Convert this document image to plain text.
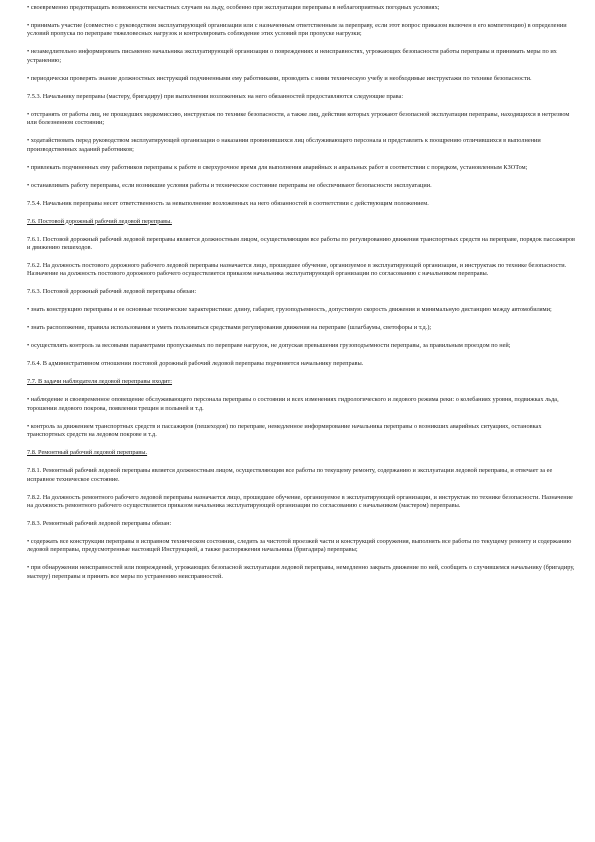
• своевременно предотвращать возможности несчастных случаев на льду, особенно при эксплуатации переправы в неблагоприятных погодных условиях;

• принимать участие (совместно с руководством эксплуатирующей организации или с назначенным ответственным за переправу, если этот вопрос приказом включен в его компетенцию) в определении условий пропуска по переправе тяжеловесных нагрузок и контролировать соблюдение этих условий при пропуске нагрузки;

• незамедлительно информировать письменно начальника эксплуатирующей организации о повреждениях и неисправностях, угрожающих безопасности работы переправы и принимать меры по их устранению;

• периодически проверять знание должностных инструкций подчиненными ему работниками, проводить с ними техническую учебу и необходимые инструктажи по технике безопасности.

7.5.3. Начальнику переправы (мастеру, бригадиру) при выполнении возложенных на него обязанностей предоставляются следующие права:

• отстранять от работы лиц, не прошедших медкомиссию, инструктаж по технике безопасности, а также лиц, действия которых угрожают безопасной эксплуатации переправы, находящихся в нетрезвом или болезненном состоянии;

• ходатайствовать перед руководством эксплуатирующей организации о наказании провинившихся лиц обслуживающего персонала и представлять к поощрению отличившихся в выполнении производственных заданий работников;

• привлекать подчиненных ему работников переправы к работе в сверхурочное время для выполнения аварийных и авральных работ в соответствии с порядком, установленным КЗОТом;

• останавливать работу переправы, если возникшие условия работы и техническое состояние переправы не обеспечивают безопасности эксплуатации.

7.5.4. Начальник переправы несет ответственность за невыполнение возложенных на него обязанностей в соответствии с действующим положением.

7.6. Постовой дорожный рабочий ледовой переправы.

7.6.1. Постовой дорожный рабочий ледовой переправы является должностным лицом, осуществляющим все работы по регулированию движения транспортных средств на переправе, порядок пассажиров и движению пешеходов.

7.6.2. На должность постового дорожного рабочего ледовой переправы назначается лицо, прошедшее обучение, организуемое в эксплуатирующей организации, и инструктаж по технике безопасности. Назначение на должность постового дорожного рабочего осуществляется приказом начальника эксплуатирующей организации по согласованию с начальником переправы.

7.6.3. Постовой дорожный рабочий ледовой переправы обязан:

• знать конструкцию переправы и ее основные технические характеристики: длину, габарит, грузоподъемность, допустимую скорость движения и минимальную дистанцию между автомобилями;

• знать расположение, правила использования и уметь пользоваться средствами регулирования движения на переправе (шлагбаумы, светофоры и т.д.);

• осуществлять контроль за весовыми параметрами пропускаемых по переправе нагрузок, не допуская превышения грузоподъемности переправы, за правильным проездом по ней;

7.6.4. В административном отношении постовой дорожный рабочий ледовой переправы подчиняется начальнику переправы.

7.7. В задачи наблюдателя ледовой переправы входит:

• наблюдение и своевременное оповещение обслуживающего персонала переправы о состоянии и всех изменениях гидрологического и ледового режима реки: о колебаниях уровня, подвижках льда, торошении ледового покрова, появлении трещин и полыней и т.д.

• контроль за движением транспортных средств и пассажиров (пешеходов) по переправе, немедленное информирование начальника переправы о возникших аварийных ситуациях, остановках транспортных средств на ледовом покрове и т.д.

7.8. Ремонтный рабочий ледовой переправы.

7.8.1. Ремонтный рабочий ледовой переправы является должностным лицом, осуществляющим все работы по текущему ремонту, содержанию и эксплуатации ледовой переправы, и отвечает за ее исправное техническое состояние.

7.8.2. На должность ремонтного рабочего ледовой переправы назначается лицо, прошедшее обучение, организуемое в эксплуатирующей организации, и инструктаж по технике безопасности. Назначение на должность ремонтного рабочего осуществляется приказом начальника эксплуатирующей организации по согласованию с начальником (мастером) переправы.

7.8.3. Ремонтный рабочий ледовой переправы обязан:

• содержать все конструкции переправы в исправном техническом состоянии, следить за чистотой проезжей части и конструкций сооружения, выполнять все работы по текущему ремонту и содержанию ледовой переправы, предусмотренные настоящей Инструкцией, а также распоряжения начальника (бригадира) переправы;

• при обнаружении неисправностей или повреждений, угрожающих безопасной эксплуатации ледовой переправы, немедленно закрыть движение по ней, сообщить о случившемся начальнику (бригадиру, мастеру) переправы и принять все меры по устранению неисправностей.
